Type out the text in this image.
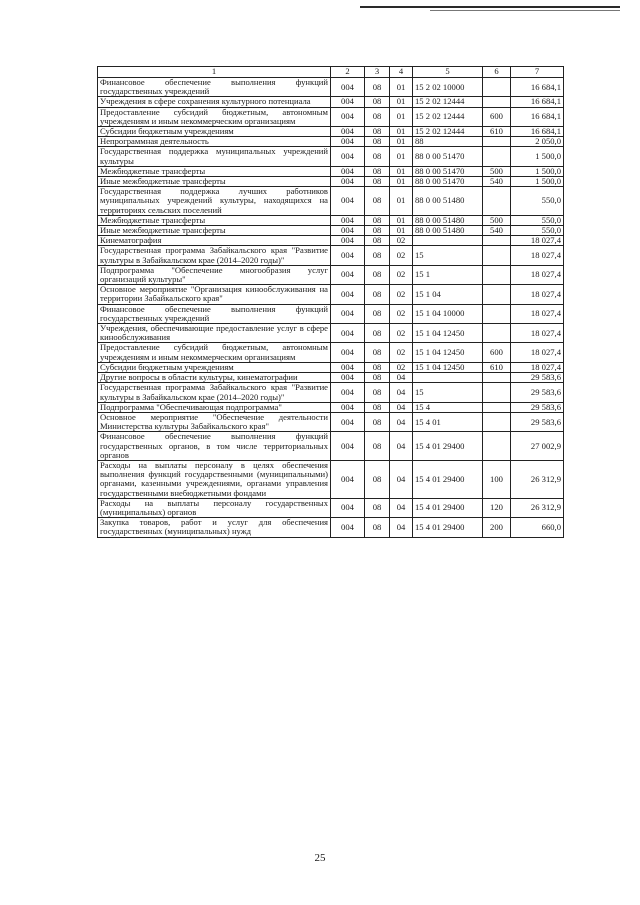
1	2	3	4	5	6	7
Финансовое обеспечение выполнения функций государственных учреждений	004	08	01	15 2 02 10000		16 684,1
Учреждения в сфере сохранения культурного потенциала	004	08	01	15 2 02 12444		16 684,1
Предоставление субсидий бюджетным, автономным учреждениям и иным некоммерческим организациям	004	08	01	15 2 02 12444	600	16 684,1
Субсидии бюджетным учреждениям	004	08	01	15 2 02 12444	610	16 684,1
Непрограммная деятельность	004	08	01	88		2 050,0
Государственная поддержка муниципальных учреждений культуры	004	08	01	88 0 00 51470		1 500,0
Межбюджетные трансферты	004	08	01	88 0 00 51470	500	1 500,0
Иные межбюджетные трансферты	004	08	01	88 0 00 51470	540	1 500,0
Государственная поддержка лучших работников муниципальных учреждений культуры, находящихся на территориях сельских поселений	004	08	01	88 0 00 51480		550,0
Межбюджетные трансферты	004	08	01	88 0 00 51480	500	550,0
Иные межбюджетные трансферты	004	08	01	88 0 00 51480	540	550,0
Кинематография	004	08	02			18 027,4
Государственная программа Забайкальского края "Развитие культуры в Забайкальском крае (2014–2020 годы)"	004	08	02	15		18 027,4
Подпрограмма "Обеспечение многообразия услуг организаций культуры"	004	08	02	15 1		18 027,4
Основное мероприятие "Организация кинообслуживания на территории Забайкальского края"	004	08	02	15 1 04		18 027,4
Финансовое обеспечение выполнения функций государственных учреждений	004	08	02	15 1 04 10000		18 027,4
Учреждения, обеспечивающие предоставление услуг в сфере кинообслуживания	004	08	02	15 1 04 12450		18 027,4
Предоставление субсидий бюджетным, автономным учреждениям и иным некоммерческим организациям	004	08	02	15 1 04 12450	600	18 027,4
Субсидии бюджетным учреждениям	004	08	02	15 1 04 12450	610	18 027,4
Другие вопросы в области культуры, кинематографии	004	08	04			29 583,6
Государственная программа Забайкальского края "Развитие культуры в Забайкальском крае (2014–2020 годы)"	004	08	04	15		29 583,6
Подпрограмма "Обеспечивающая подпрограмма"	004	08	04	15 4		29 583,6
Основное мероприятие "Обеспечение деятельности Министерства культуры Забайкальского края"	004	08	04	15 4 01		29 583,6
Финансовое обеспечение выполнения функций государственных органов, в том числе территориальных органов	004	08	04	15 4 01 29400		27 002,9
Расходы на выплаты персоналу в целях обеспечения выполнения функций государственными (муниципальными) органами, казенными учреждениями, органами управления государственными внебюджетными фондами	004	08	04	15 4 01 29400	100	26 312,9
Расходы на выплаты персоналу государственных (муниципальных) органов	004	08	04	15 4 01 29400	120	26 312,9
Закупка товаров, работ и услуг для обеспечения государственных (муниципальных) нужд	004	08	04	15 4 01 29400	200	660,0
25
